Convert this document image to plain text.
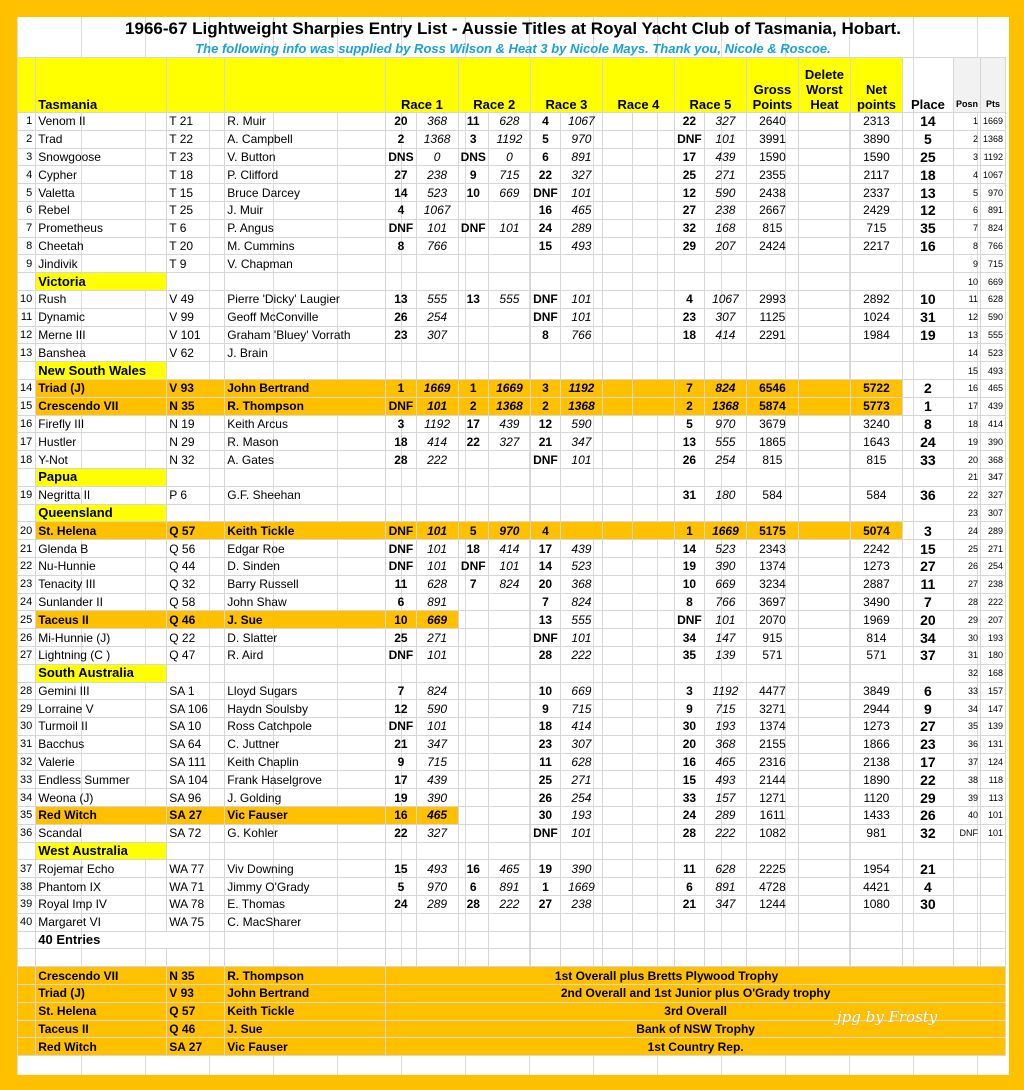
1966-67 Lightweight Sharpies Entry List - Aussie Titles at Royal Yacht Club of Tasmania, Hobart.
The following info was supplied by Ross Wilson & Heat 3 by Nicole Mays. Thank you, Nicole & Roscoe.
	Tasmania			Race 1		Race 2		Race 3		Race 4		Race 5		Gross Points	Delete Worst Heat	Net points	Place	Posn	Pts
1	Venom II	T 21	R. Muir	20	368	11	628	4	1067			22	327	2640		2313	14	1	1669
2	Trad	T 22	A. Campbell	2	1368	3	1192	5	970			DNF	101	3991		3890	5	2	1368
3	Snowgoose	T 23	V. Button	DNS	0	DNS	0	6	891			17	439	1590		1590	25	3	1192
4	Cypher	T 18	P. Clifford	27	238	9	715	22	327			25	271	2355		2117	18	4	1067
5	Valetta	T 15	Bruce Darcey	14	523	10	669	DNF	101			12	590	2438		2337	13	5	970
6	Rebel	T 25	J. Muir	4	1067			16	465			27	238	2667		2429	12	6	891
7	Prometheus	T 6	P. Angus	DNF	101	DNF	101	24	289			32	168	815		715	35	7	824
8	Cheetah	T 20	M. Cummins	8	766			15	493			29	207	2424		2217	16	8	766
9	Jindivik	T 9	V. Chapman															9	715
	Victoria																	10	669
10	Rush	V 49	Pierre 'Dicky' Laugier	13	555	13	555	DNF	101			4	1067	2993		2892	10	11	628
11	Dynamic	V 99	Geoff McConville	26	254			DNF	101			23	307	1125		1024	31	12	590
12	Merne III	V 101	Graham 'Bluey' Vorrath	23	307			8	766			18	414	2291		1984	19	13	555
13	Banshea	V 62	J. Brain															14	523
	New South Wales																	15	493
14	Triad (J)	V 93	John Bertrand	1	1669	1	1669	3	1192			7	824	6546		5722	2	16	465
15	Crescendo VII	N 35	R. Thompson	DNF	101	2	1368	2	1368			2	1368	5874		5773	1	17	439
16	Firefly III	N 19	Keith Arcus	3	1192	17	439	12	590			5	970	3679		3240	8	18	414
17	Hustler	N 29	R. Mason	18	414	22	327	21	347			13	555	1865		1643	24	19	390
18	Y-Not	N 32	A. Gates	28	222			DNF	101			26	254	815		815	33	20	368
	Papua																	21	347
19	Negritta II	P 6	G.F. Sheehan									31	180	584		584	36	22	327
	Queensland																	23	307
20	St. Helena	Q 57	Keith Tickle	DNF	101	5	970	4				1	1669	5175		5074	3	24	289
21	Glenda B	Q 56	Edgar Roe	DNF	101	18	414	17	439			14	523	2343		2242	15	25	271
22	Nu-Hunnie	Q 44	D. Sinden	DNF	101	DNF	101	14	523			19	390	1374		1273	27	26	254
23	Tenacity III	Q 32	Barry Russell	11	628	7	824	20	368			10	669	3234		2887	11	27	238
24	Sunlander II	Q 58	John Shaw	6	891			7	824			8	766	3697		3490	7	28	222
25	Taceus II	Q 46	J. Sue	10	669			13	555			DNF	101	2070		1969	20	29	207
26	Mi-Hunnie (J)	Q 22	D. Slatter	25	271			DNF	101			34	147	915		814	34	30	193
27	Lightning (C )	Q 47	R. Aird	DNF	101			28	222			35	139	571		571	37	31	180
	South Australia																	32	168
28	Gemini III	SA 1	Lloyd Sugars	7	824			10	669			3	1192	4477		3849	6	33	157
29	Lorraine V	SA 106	Haydn Soulsby	12	590			9	715			9	715	3271		2944	9	34	147
30	Turmoil II	SA 10	Ross Catchpole	DNF	101			18	414			30	193	1374		1273	27	35	139
31	Bacchus	SA 64	C. Juttner	21	347			23	307			20	368	2155		1866	23	36	131
32	Valerie	SA 111	Keith Chaplin	9	715			11	628			16	465	2316		2138	17	37	124
33	Endless Summer	SA 104	Frank Haselgrove	17	439			25	271			15	493	2144		1890	22	38	118
34	Weona (J)	SA 96	J. Golding	19	390			26	254			33	157	1271		1120	29	39	113
35	Red Witch	SA 27	Vic Fauser	16	465			30	193			24	289	1611		1433	26	40	101
36	Scandal	SA 72	G. Kohler	22	327			DNF	101			28	222	1082		981	32	DNF	101
	West Australia																		
37	Rojemar Echo	WA 77	Viv Downing	15	493	16	465	19	390			11	628	2225		1954	21		
38	Phantom IX	WA 71	Jimmy O'Grady	5	970	6	891	1	1669			6	891	4728		4421	4		
39	Royal Imp IV	WA 78	E. Thomas	24	289	28	222	27	238			21	347	1244		1080	30		
40	Margaret VI	WA 75	C. MacSharer																
	40 Entries																		

	Crescendo VII	N 35	R. Thompson	1st Overall plus Bretts Plywood Trophy															
	Triad (J)	V 93	John Bertrand	2nd Overall and 1st Junior plus O'Grady trophy															
	St. Helena	Q 57	Keith Tickle	3rd Overall															
	Taceus II	Q 46	J. Sue	Bank of NSW Trophy															
	Red Witch	SA 27	Vic Fauser	1st Country Rep.															
jpg by Frosty
